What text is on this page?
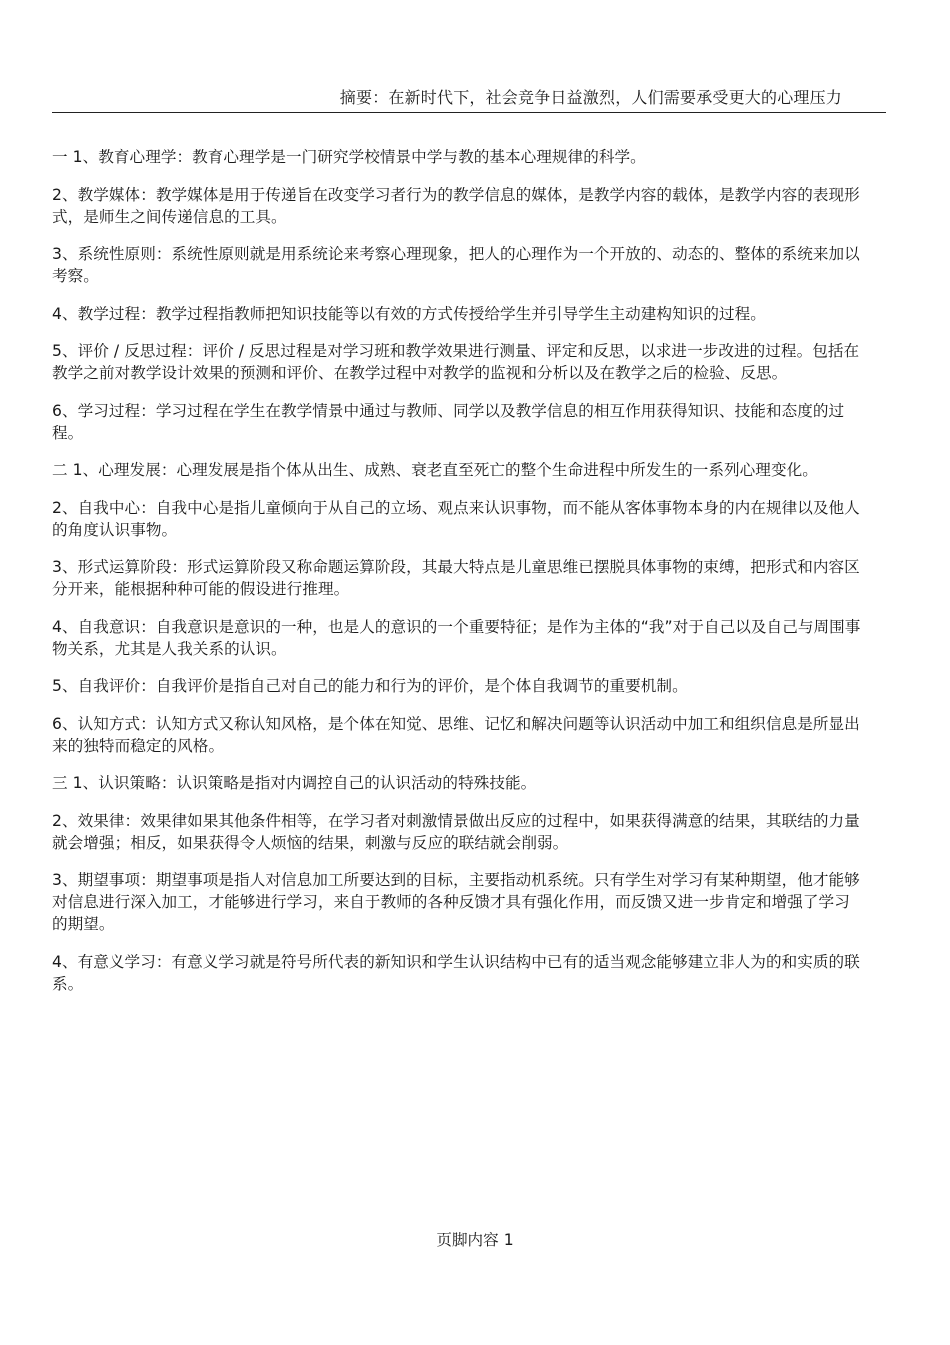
摘要：在新时代下，社会竞争日益激烈，人们需要承受更大的心理压力

一 1、教育心理学：教育心理学是一门研究学校情景中学与教的基本心理规律的科学。

2、教学媒体：教学媒体是用于传递旨在改变学习者行为的教学信息的媒体，是教学内容的载体，是教学内容的表现形式，是师生之间传递信息的工具。

3、系统性原则：系统性原则就是用系统论来考察心理现象，把人的心理作为一个开放的、动态的、整体的系统来加以考察。

4、教学过程：教学过程指教师把知识技能等以有效的方式传授给学生并引导学生主动建构知识的过程。

5、评价 / 反思过程：评价 / 反思过程是对学习班和教学效果进行测量、评定和反思，以求进一步改进的过程。包括在教学之前对教学设计效果的预测和评价、在教学过程中对教学的监视和分析以及在教学之后的检验、反思。

6、学习过程：学习过程在学生在教学情景中通过与教师、同学以及教学信息的相互作用获得知识、技能和态度的过程。

二 1、心理发展：心理发展是指个体从出生、成熟、衰老直至死亡的整个生命进程中所发生的一系列心理变化。

2、自我中心：自我中心是指儿童倾向于从自己的立场、观点来认识事物，而不能从客体事物本身的内在规律以及他人的角度认识事物。

3、形式运算阶段：形式运算阶段又称命题运算阶段，其最大特点是儿童思维已摆脱具体事物的束缚，把形式和内容区分开来，能根据种种可能的假设进行推理。

4、自我意识：自我意识是意识的一种，也是人的意识的一个重要特征；是作为主体的“我”对于自己以及自己与周围事物关系，尤其是人我关系的认识。

5、自我评价：自我评价是指自己对自己的能力和行为的评价，是个体自我调节的重要机制。

6、认知方式：认知方式又称认知风格，是个体在知觉、思维、记忆和解决问题等认识活动中加工和组织信息是所显出来的独特而稳定的风格。

三 1、认识策略：认识策略是指对内调控自己的认识活动的特殊技能。

2、效果律：效果律如果其他条件相等，在学习者对刺激情景做出反应的过程中，如果获得满意的结果，其联结的力量就会增强；相反，如果获得令人烦恼的结果，刺激与反应的联结就会削弱。

3、期望事项：期望事项是指人对信息加工所要达到的目标，主要指动机系统。只有学生对学习有某种期望，他才能够对信息进行深入加工，才能够进行学习，来自于教师的各种反馈才具有强化作用，而反馈又进一步肯定和增强了学习的期望。

4、有意义学习：有意义学习就是符号所代表的新知识和学生认识结构中已有的适当观念能够建立非人为的和实质的联系。

页脚内容 1
